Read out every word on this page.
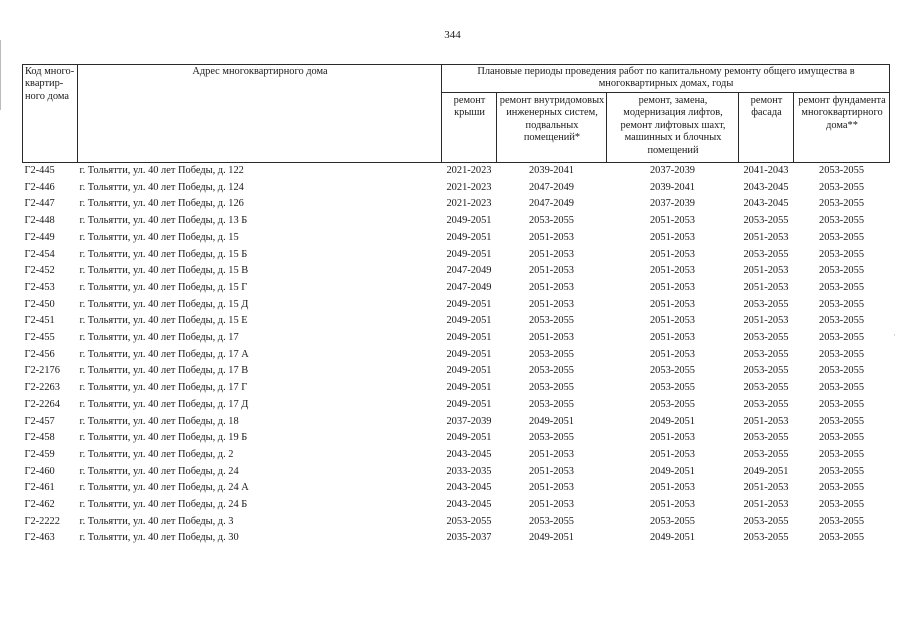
344
Код много-квартир-ного дома	Адрес многоквартирного дома	Плановые периоды проведения работ по капитальному ремонту общего имущества в многоквартирных домах, годы				
		ремонт крыши	ремонт внутридомовых инженерных систем, подвальных помещений*	ремонт, замена, модернизация лифтов, ремонт лифтовых шахт, машинных и блочных помещений	ремонт фасада	ремонт фундамента многоквартирного дома**
Г2-445	г. Тольятти, ул. 40 лет Победы, д. 122	2021-2023	2039-2041	2037-2039	2041-2043	2053-2055
Г2-446	г. Тольятти, ул. 40 лет Победы, д. 124	2021-2023	2047-2049	2039-2041	2043-2045	2053-2055
Г2-447	г. Тольятти, ул. 40 лет Победы, д. 126	2021-2023	2047-2049	2037-2039	2043-2045	2053-2055
Г2-448	г. Тольятти, ул. 40 лет Победы, д. 13 Б	2049-2051	2053-2055	2051-2053	2053-2055	2053-2055
Г2-449	г. Тольятти, ул. 40 лет Победы, д. 15	2049-2051	2051-2053	2051-2053	2051-2053	2053-2055
Г2-454	г. Тольятти, ул. 40 лет Победы, д. 15 Б	2049-2051	2051-2053	2051-2053	2053-2055	2053-2055
Г2-452	г. Тольятти, ул. 40 лет Победы, д. 15 В	2047-2049	2051-2053	2051-2053	2051-2053	2053-2055
Г2-453	г. Тольятти, ул. 40 лет Победы, д. 15 Г	2047-2049	2051-2053	2051-2053	2051-2053	2053-2055
Г2-450	г. Тольятти, ул. 40 лет Победы, д. 15 Д	2049-2051	2051-2053	2051-2053	2053-2055	2053-2055
Г2-451	г. Тольятти, ул. 40 лет Победы, д. 15 Е	2049-2051	2053-2055	2051-2053	2051-2053	2053-2055
Г2-455	г. Тольятти, ул. 40 лет Победы, д. 17	2049-2051	2051-2053	2051-2053	2053-2055	2053-2055
Г2-456	г. Тольятти, ул. 40 лет Победы, д. 17 А	2049-2051	2053-2055	2051-2053	2053-2055	2053-2055
Г2-2176	г. Тольятти, ул. 40 лет Победы, д. 17 В	2049-2051	2053-2055	2053-2055	2053-2055	2053-2055
Г2-2263	г. Тольятти, ул. 40 лет Победы, д. 17 Г	2049-2051	2053-2055	2053-2055	2053-2055	2053-2055
Г2-2264	г. Тольятти, ул. 40 лет Победы, д. 17 Д	2049-2051	2053-2055	2053-2055	2053-2055	2053-2055
Г2-457	г. Тольятти, ул. 40 лет Победы, д. 18	2037-2039	2049-2051	2049-2051	2051-2053	2053-2055
Г2-458	г. Тольятти, ул. 40 лет Победы, д. 19 Б	2049-2051	2053-2055	2051-2053	2053-2055	2053-2055
Г2-459	г. Тольятти, ул. 40 лет Победы, д. 2	2043-2045	2051-2053	2051-2053	2053-2055	2053-2055
Г2-460	г. Тольятти, ул. 40 лет Победы, д. 24	2033-2035	2051-2053	2049-2051	2049-2051	2053-2055
Г2-461	г. Тольятти, ул. 40 лет Победы, д. 24 А	2043-2045	2051-2053	2051-2053	2051-2053	2053-2055
Г2-462	г. Тольятти, ул. 40 лет Победы, д. 24 Б	2043-2045	2051-2053	2051-2053	2051-2053	2053-2055
Г2-2222	г. Тольятти, ул. 40 лет Победы, д. 3	2053-2055	2053-2055	2053-2055	2053-2055	2053-2055
Г2-463	г. Тольятти, ул. 40 лет Победы, д. 30	2035-2037	2049-2051	2049-2051	2053-2055	2053-2055
·
